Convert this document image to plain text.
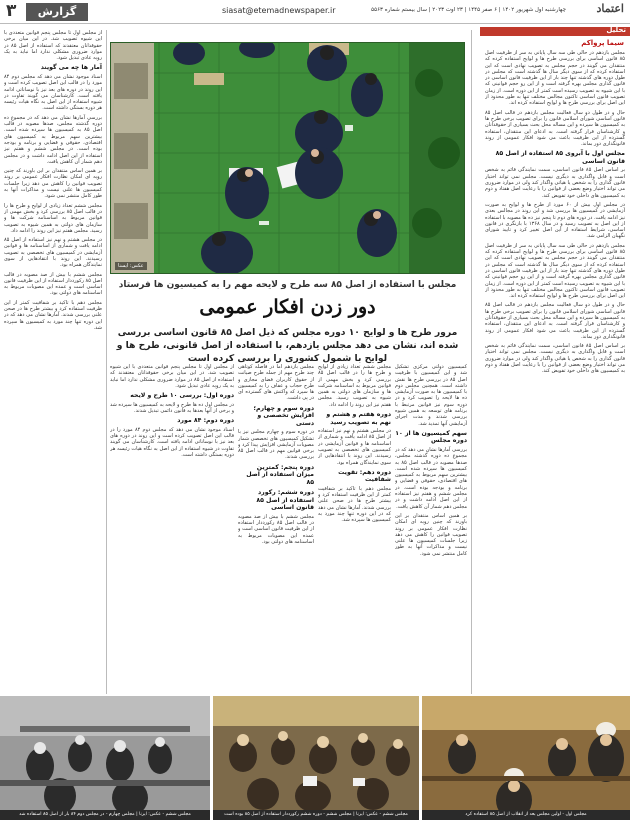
۳	گزارش	siasat@etemadnewspaper.ir	چهارشنبه اول شهریور ۱۴۰۲ | ۶ صفر ۱۴۴۵ | ۲۳ اوت ۲۰۲۳ | سال بیستم شماره ۵۵۶۳	اعتماد
تحلیل
سیما پرواکم

مجلس بازدهم در حالی طی سه سال پایانی به سر از ظرفیت اصل ۸۵ قانون اساسی برای بررسی طرح ها و لوایح استفاده کرده که منتقدان می گویند در حجم مجلس به تصویب نهادی است که این استفاده کرده که از سوی دیگر سال ها گذشته است که مجلس در طول دوره های گذشته تنها چند بار از این ظرفیت قانون اساسی در قانون گذاری مجلس بهره گرفته است و از این رو حجم قوانینی که با این شیوه به تصویب رسیده است کمتر از این دوره است. از زمان تصویب قانون اساسی تاکنون مجالس مختلف تنها به طور محدود از این اصل برای بررسی طرح ها و لوایح استفاده کرده اند.

حال و در طول دو سال فعالیت مجلس بازدهم در قالب اصل ۸۵ قانون اساسی شورای اسلامی قانون را برای تصویب برخی طرح ها به کمیسیون ها سپرده و این مساله محل بحث بسیاری از حقوقدانان و کارشناسان قرار گرفته است. به ادعای این منتقدان، استفاده گسترده از این ظرفیت باعث می شود افکار عمومی از روند قانونگذاری دور بماند.

مجلس اول با آبروی ۸۵ استفاده از اصل ۸۵ قانون اساسی

بر اساس اصل ۸۵ قانون اساسی، سمت نمایندگی قائم به شخص است و قابل واگذاری به دیگری نیست. مجلس نمی تواند اختیار قانون گذاری را به شخص یا هیاتی واگذار کند ولی در موارد ضروری می تواند اختیار وضع بعضی از قوانین را با رعایت اصل هفتاد و دوم به کمیسیون های داخلی خود تفویض کند.

در مجلس اول بیش از ۶۰ مورد از طرح ها و لوایح به صورت آزمایشی در کمیسیون ها بررسی شد و این روند در مجالس بعدی نیز ادامه یافت. در دوره های دوم تا پنجم نیز ده ها مصوبه با استفاده از این اصل به تصویب رسید و در سال ۱۳۶۸ با بازنگری در قانون اساسی، شرایط استفاده از این اصل تغییر کرد و تایید شورای نگهبان الزامی شد.

مجلس بازدهم در حالی طی سه سال پایانی به سر از ظرفیت اصل ۸۵ قانون اساسی برای بررسی طرح ها و لوایح استفاده کرده که منتقدان می گویند در حجم مجلس به تصویب نهادی است که این استفاده کرده که از سوی دیگر سال ها گذشته است که مجلس در طول دوره های گذشته تنها چند بار از این ظرفیت قانون اساسی در قانون گذاری مجلس بهره گرفته است و از این رو حجم قوانینی که با این شیوه به تصویب رسیده است کمتر از این دوره است. از زمان تصویب قانون اساسی تاکنون مجالس مختلف تنها به طور محدود از این اصل برای بررسی طرح ها و لوایح استفاده کرده اند.

حال و در طول دو سال فعالیت مجلس بازدهم در قالب اصل ۸۵ قانون اساسی شورای اسلامی قانون را برای تصویب برخی طرح ها به کمیسیون ها سپرده و این مساله محل بحث بسیاری از حقوقدانان و کارشناسان قرار گرفته است. به ادعای این منتقدان، استفاده گسترده از این ظرفیت باعث می شود افکار عمومی از روند قانونگذاری دور بماند.

بر اساس اصل ۸۵ قانون اساسی، سمت نمایندگی قائم به شخص است و قابل واگذاری به دیگری نیست. مجلس نمی تواند اختیار قانون گذاری را به شخص یا هیاتی واگذار کند ولی در موارد ضروری می تواند اختیار وضع بعضی از قوانین را با رعایت اصل هفتاد و دوم به کمیسیون های داخلی خود تفویض کند.

عکس: ایسنا
مجلس با استفاده از اصل ۸۵ سه طرح و لایحه مهم را به کمیسیون ها فرستاد
دور زدن افکار عمومی
مرور طرح ها و لوایح ۱۰ دوره مجلس که ذیل اصل ۸۵ قانون اساسی بررسی شده اند، نشان می دهد مجلس یازدهم، با استفاده از اصل قانونی، طرح ها و لوایح با شمول کشوری را بررسی کرده است

کمیسیون دولتی مرکزی تشکیل شد و این کمیسیون با ظرفیت اصل ۸۵ در بررسی طرح ها نقش داشته است. همچنین مجلس دوم با کمیسیون ها به صورت آزمایشی ده ها لایحه را تصویب کرد و در دوره سوم نیز قوانین مرتبط با برنامه های توسعه به همین شیوه بررسی شدند و مدت اجرای آزمایشی آنها تمدید شد.

سهم کمیسیون ها از ۱۰ دوره مجلس

بررسی آمارها نشان می دهد که در مجموع ده دوره گذشته مجلس، صدها مصوبه در قالب اصل ۸۵ به کمیسیون ها سپرده شده است. بیشترین سهم مربوط به کمیسیون های اقتصادی، حقوقی و قضایی و برنامه و بودجه بوده است. در مجلس ششم و هفتم نیز استفاده از این اصل ادامه داشت و در مجلس دهم شمار آن کاهش یافت.

بر همین اساس منتقدان بر این باورند که چنین رویه ای امکان نظارت افکار عمومی بر روند تصویب قوانین را کاهش می دهد زیرا جلسات کمیسیون ها علنی نیست و مذاکرات آنها به طور کامل منتشر نمی شود.

مجلس ششم تعداد زیادی از لوایح و طرح ها را در قالب اصل ۸۵ بررسی کرد و بخش مهمی از قوانین مربوط به اساسنامه شرکت ها و سازمان های دولتی به همین شیوه به تصویب رسید. مجلس هفتم نیز این روند را ادامه داد.

دوره هفتم و هشتم و نهم به تصویب رسید

در مجلس هشتم و نهم نیز استفاده از اصل ۸۵ ادامه یافت و شماری از اساسنامه ها و قوانین آزمایشی در کمیسیون های تخصصی به تصویب رسیدند. این روند با انتقادهایی از سوی نمایندگان همراه بود.

دوره دهم: تقویت شفافیت

مجلس دهم با تاکید بر شفافیت کمتر از این ظرفیت استفاده کرد و بیشتر طرح ها در صحن علنی بررسی شدند. آمارها نشان می دهد که در این دوره تنها چند مورد به کمیسیون ها سپرده شد.

مجلس بازدهم اما در فاصله کوتاهی چند طرح مهم از جمله طرح صیانت از حقوق کاربران فضای مجازی و طرح حجاب و عفاف را به کمیسیون ها سپرد که واکنش های گسترده ای در پی داشت.

دوره سوم و چهارم؛ افزایش تخصصی و دستی

در دوره سوم و چهارم مجلس نیز با تشکیل کمیسیون های تخصصی شمار مصوبات آزمایشی افزایش پیدا کرد و برخی قوانین مهم در قالب اصل ۸۵ بررسی شدند.

دوره پنجم: کمترین میزان استفاده از اصل ۸۵
دوره ششم: رکورد استفاده از اصل ۸۵ قانون اساسی

مجلس ششم با بیش از صد مصوبه در قالب اصل ۸۵ رکورددار استفاده از این ظرفیت قانون اساسی است و عمده این مصوبات مربوط به اساسنامه های دولتی بود.

از مجلس اول تا مجلس پنجم قوانین متعددی با این شیوه تصویب شد. در این میان برخی حقوقدانان معتقدند که استفاده از اصل ۸۵ در موارد ضروری مشکلی ندارد اما نباید به یک رویه عادی تبدیل شود.

دوره اول: بررسی ۱۰ طرح و لایحه

در مجلس اول ده ها طرح و لایحه به کمیسیون ها سپرده شد و برخی از آنها بعدها به قانون دائمی تبدیل شدند.

دوره دوم: ۸۴ مورد

اسناد موجود نشان می دهد که مجلس دوم ۸۴ مورد را در قالب این اصل تصویب کرده است و این روند در دوره های بعد نیز با نوساناتی ادامه یافته است. کارشناسان می گویند تفاوت در شیوه استفاده از این اصل به نگاه هیات رئیسه هر دوره بستگی داشته است.

از مجلس اول تا مجلس پنجم قوانین متعددی با این شیوه تصویب شد. در این میان برخی حقوقدانان معتقدند که استفاده از اصل ۸۵ در موارد ضروری مشکلی ندارد اما نباید به یک رویه عادی تبدیل شود.

آمار ها چه می گویند

اسناد موجود نشان می دهد که مجلس دوم ۸۴ مورد را در قالب این اصل تصویب کرده است و این روند در دوره های بعد نیز با نوساناتی ادامه یافته است. کارشناسان می گویند تفاوت در شیوه استفاده از این اصل به نگاه هیات رئیسه هر دوره بستگی داشته است.

بررسی آمارها نشان می دهد که در مجموع ده دوره گذشته مجلس، صدها مصوبه در قالب اصل ۸۵ به کمیسیون ها سپرده شده است. بیشترین سهم مربوط به کمیسیون های اقتصادی، حقوقی و قضایی و برنامه و بودجه بوده است. در مجلس ششم و هفتم نیز استفاده از این اصل ادامه داشت و در مجلس دهم شمار آن کاهش یافت.

بر همین اساس منتقدان بر این باورند که چنین رویه ای امکان نظارت افکار عمومی بر روند تصویب قوانین را کاهش می دهد زیرا جلسات کمیسیون ها علنی نیست و مذاکرات آنها به طور کامل منتشر نمی شود.

مجلس ششم تعداد زیادی از لوایح و طرح ها را در قالب اصل ۸۵ بررسی کرد و بخش مهمی از قوانین مربوط به اساسنامه شرکت ها و سازمان های دولتی به همین شیوه به تصویب رسید. مجلس هفتم نیز این روند را ادامه داد.

در مجلس هشتم و نهم نیز استفاده از اصل ۸۵ ادامه یافت و شماری از اساسنامه ها و قوانین آزمایشی در کمیسیون های تخصصی به تصویب رسیدند. این روند با انتقادهایی از سوی نمایندگان همراه بود.

مجلس ششم با بیش از صد مصوبه در قالب اصل ۸۵ رکورددار استفاده از این ظرفیت قانون اساسی است و عمده این مصوبات مربوط به اساسنامه های دولتی بود.

مجلس دهم با تاکید بر شفافیت کمتر از این ظرفیت استفاده کرد و بیشتر طرح ها در صحن علنی بررسی شدند. آمارها نشان می دهد که در این دوره تنها چند مورد به کمیسیون ها سپرده شد.

مجلس ششم - عکس: ایرنا | مجلس چهارم - در مجلس دوم ۸۴ بار از اصل ۸۵ استفاده شد	مجلس ششم - عکس: ایرنا | مجلس ششم - دوره ششم رکورددار استفاده از اصل ۸۵ بوده است	مجلس اول - اولین مجلس بعد از انقلاب از اصل ۸۵ استفاده کرد
